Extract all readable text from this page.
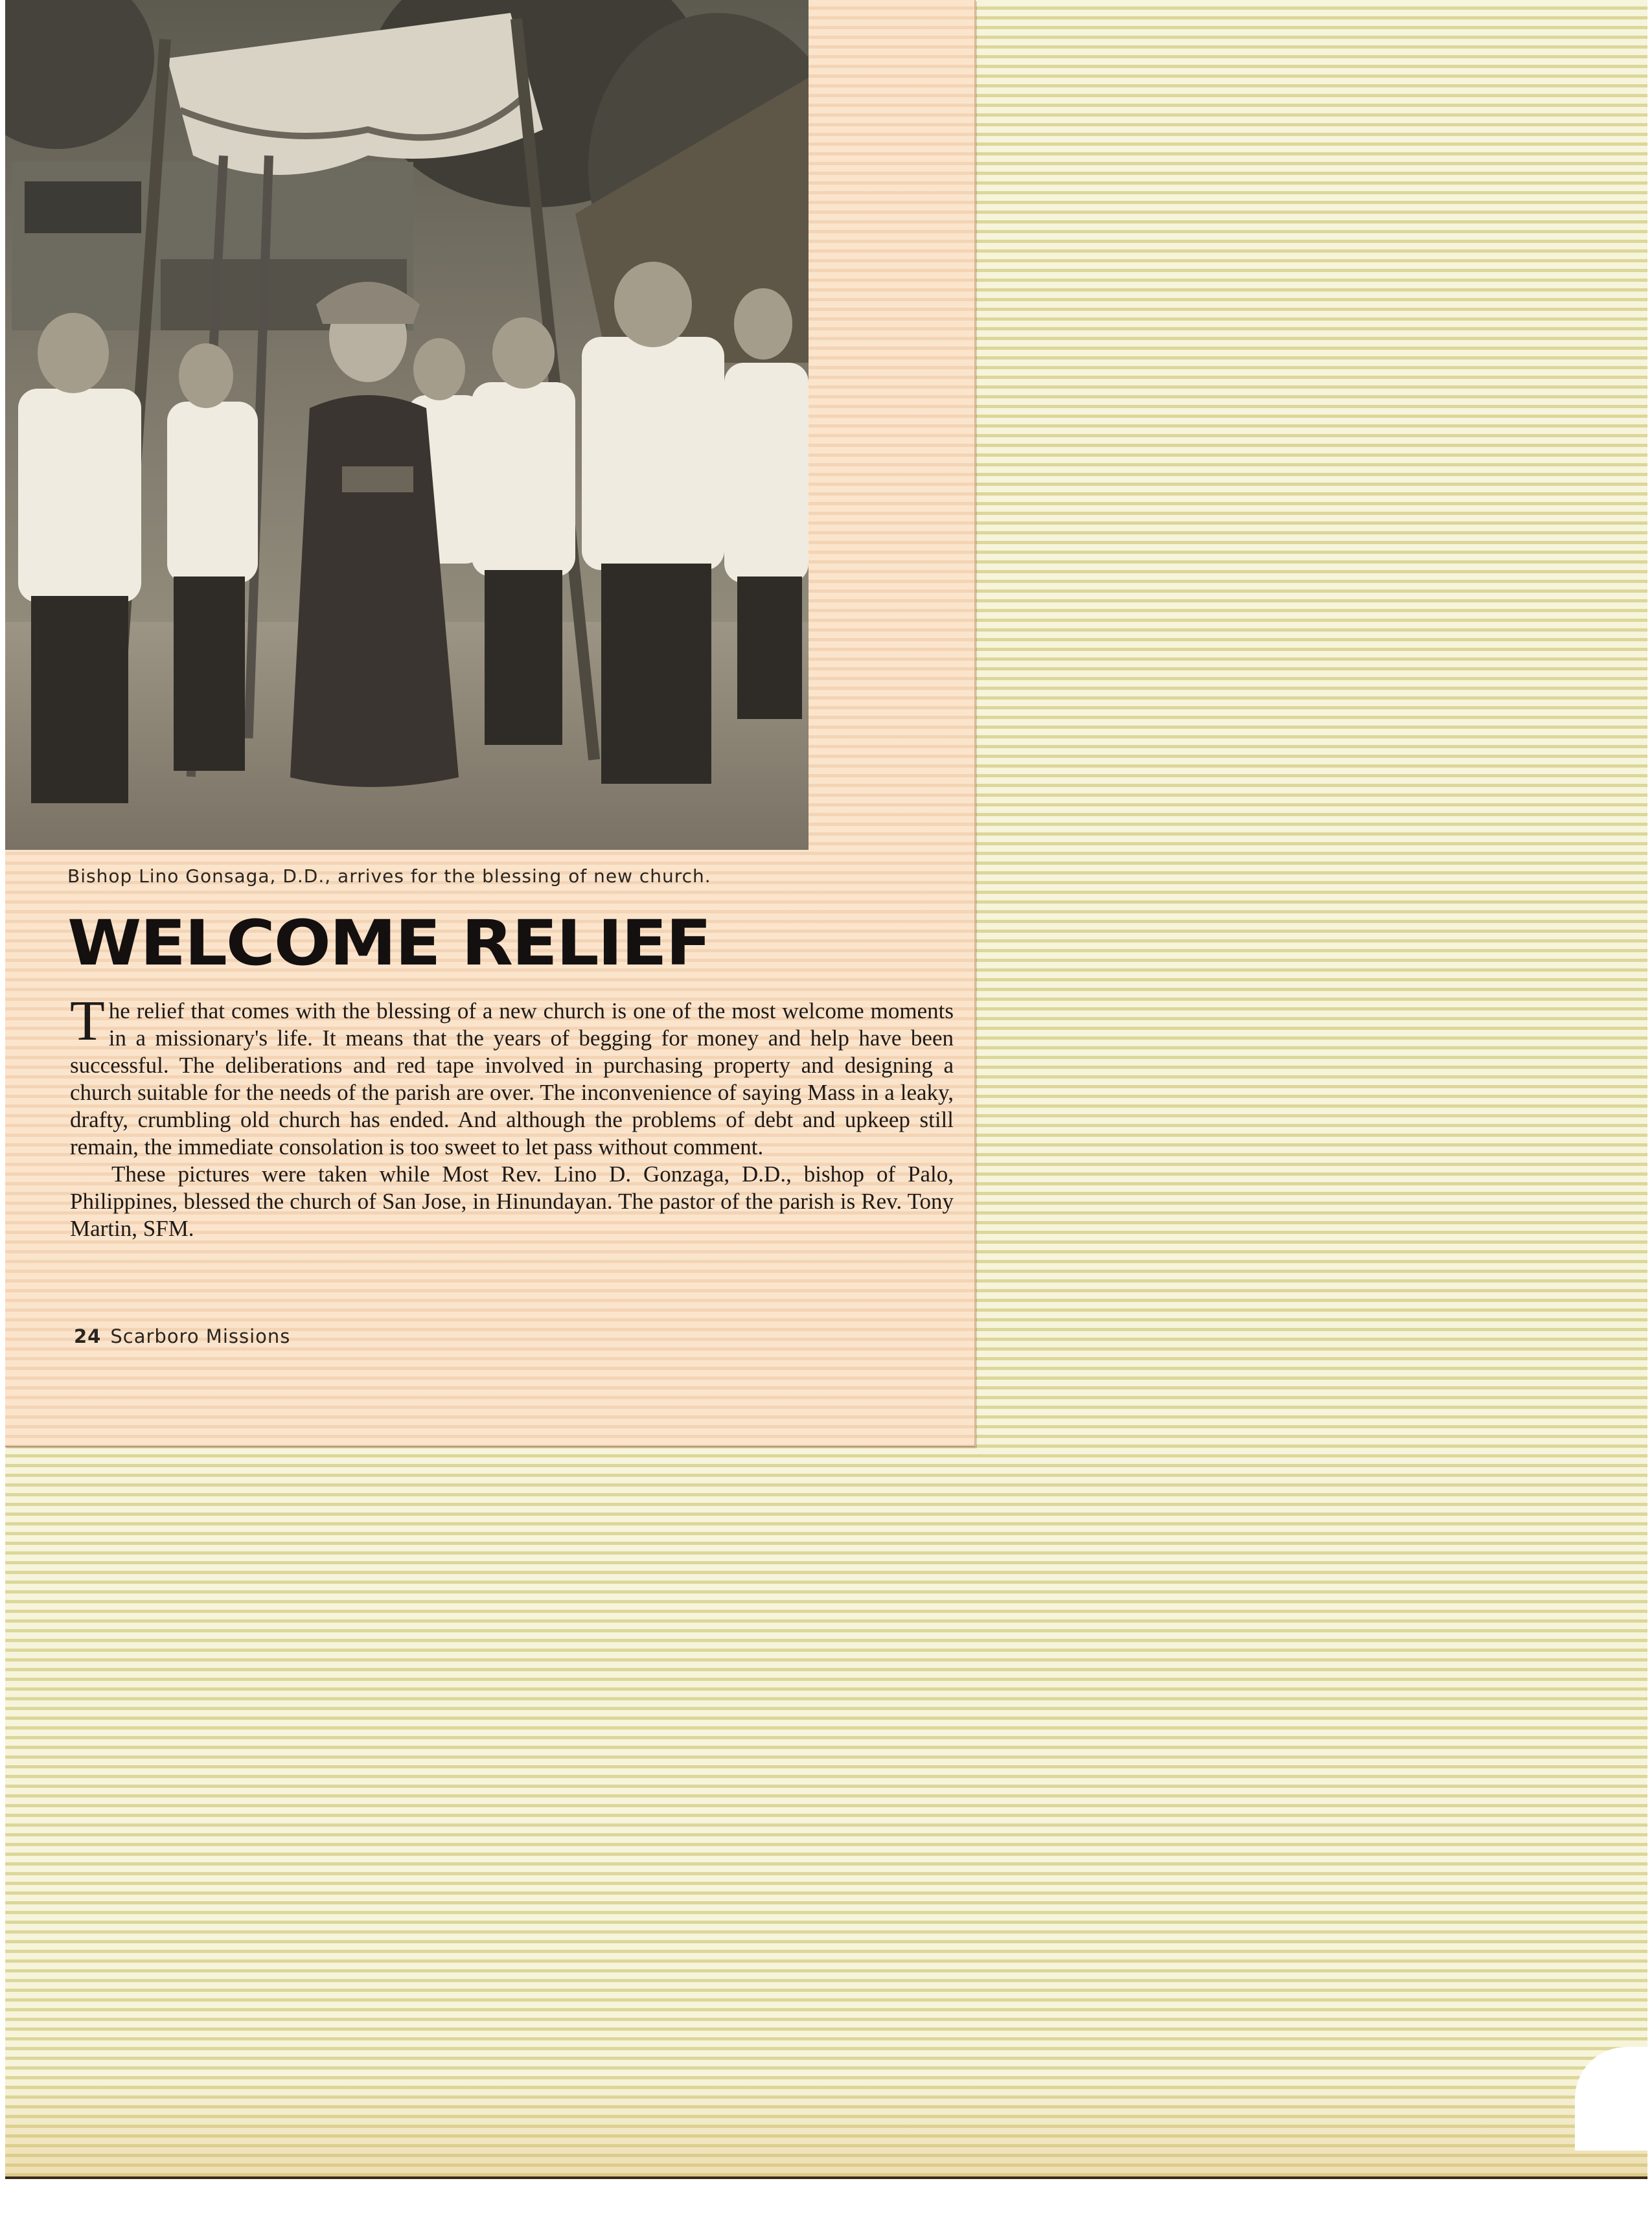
Bishop Lino Gonsaga, D.D., arrives for the blessing of new church.
WELCOME RELIEF

The relief that comes with the blessing of a new church is one of the most welcome moments in a missionary's life. It means that the years of begging for money and help have been successful. The deliberations and red tape involved in purchasing property and designing a church suitable for the needs of the parish are over. The inconvenience of saying Mass in a leaky, drafty, crumbling old church has ended. And although the problems of debt and upkeep still remain, the immediate consolation is too sweet to let pass without comment.

These pictures were taken while Most Rev. Lino D. Gonzaga, D.D., bishop of Palo, Philippines, blessed the church of San Jose, in Hinundayan. The pastor of the parish is Rev. Tony Martin, SFM.

24 Scarboro Missions
